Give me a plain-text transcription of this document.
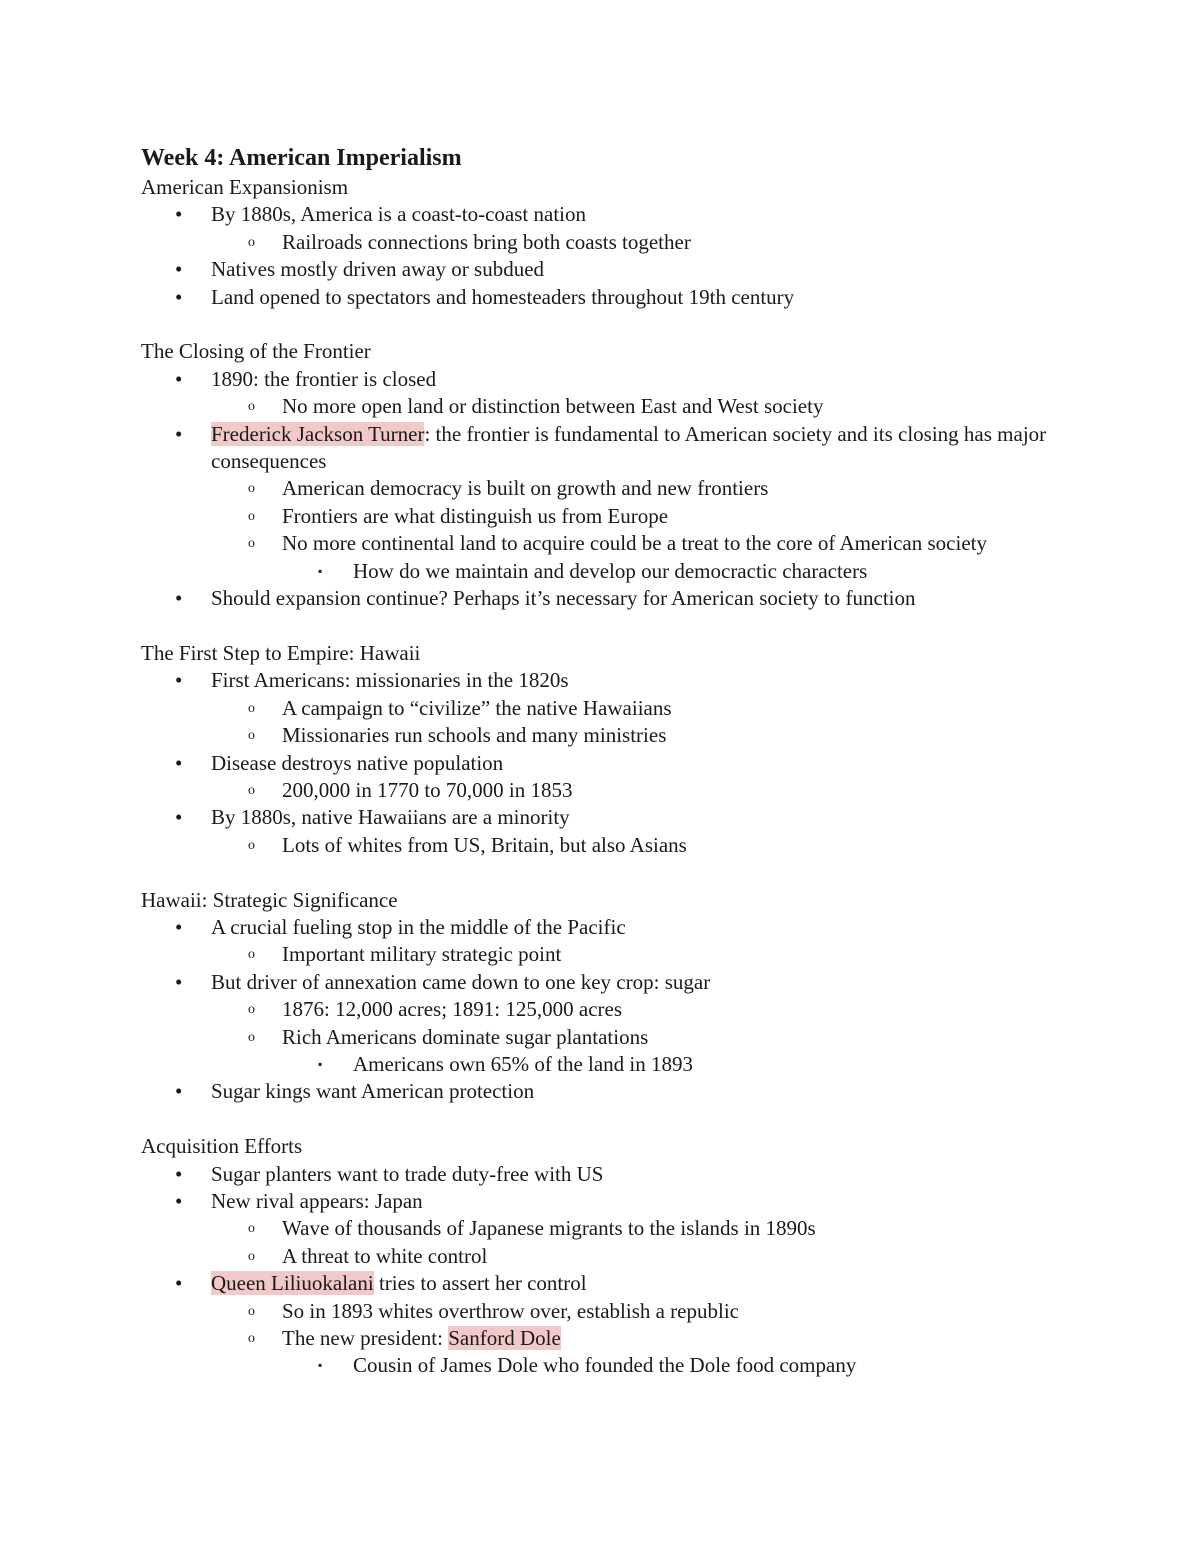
Week 4: American Imperialism

American Expansionism

• By 1880s, America is a coast-to-coast nation
o Railroads connections bring both coasts together
• Natives mostly driven away or subdued
• Land opened to spectators and homesteaders throughout 19th century

The Closing of the Frontier

• 1890: the frontier is closed
o No more open land or distinction between East and West society
• Frederick Jackson Turner: the frontier is fundamental to American society and its closing has major consequences
o American democracy is built on growth and new frontiers
o Frontiers are what distinguish us from Europe
o No more continental land to acquire could be a treat to the core of American society
▪ How do we maintain and develop our democractic characters
• Should expansion continue? Perhaps it’s necessary for American society to function

The First Step to Empire: Hawaii

• First Americans: missionaries in the 1820s
o A campaign to “civilize” the native Hawaiians
o Missionaries run schools and many ministries
• Disease destroys native population
o 200,000 in 1770 to 70,000 in 1853
• By 1880s, native Hawaiians are a minority
o Lots of whites from US, Britain, but also Asians

Hawaii: Strategic Significance

• A crucial fueling stop in the middle of the Pacific
o Important military strategic point
• But driver of annexation came down to one key crop: sugar
o 1876: 12,000 acres; 1891: 125,000 acres
o Rich Americans dominate sugar plantations
▪ Americans own 65% of the land in 1893
• Sugar kings want American protection

Acquisition Efforts

• Sugar planters want to trade duty-free with US
• New rival appears: Japan
o Wave of thousands of Japanese migrants to the islands in 1890s
o A threat to white control
• Queen Liliuokalani tries to assert her control
o So in 1893 whites overthrow over, establish a republic
o The new president: Sanford Dole
▪ Cousin of James Dole who founded the Dole food company
